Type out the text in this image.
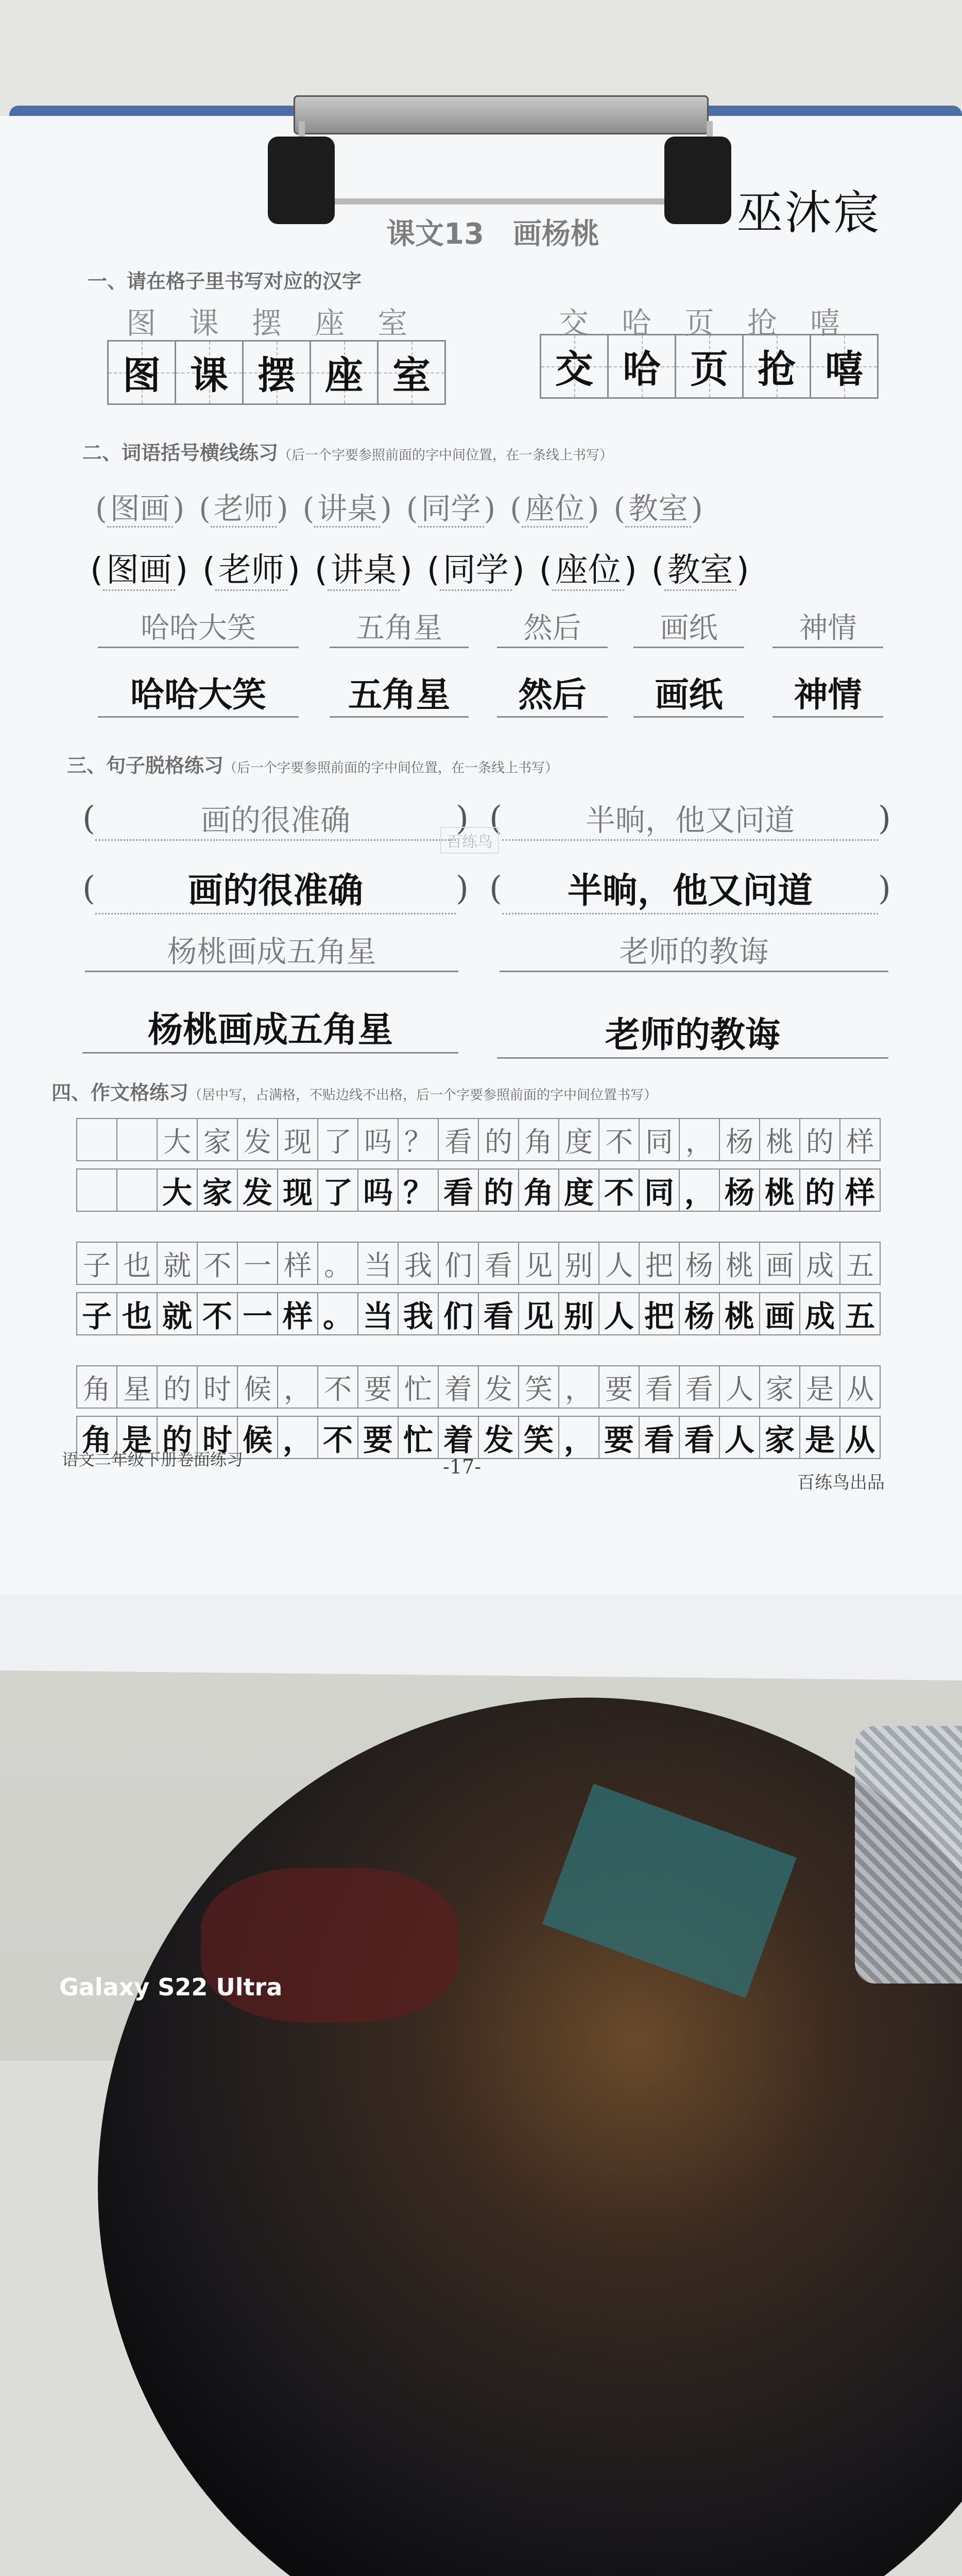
巫沐宸
课文13　画杨桃
一、请在格子里书写对应的汉字
图课摆座室	交哈页抢嘻
图 课 摆 座 室	交 哈 页 抢 嘻
二、词语括号横线练习（后一个字要参照前面的字中间位置，在一条线上书写）
( 图画 ) ( 老师 ) ( 讲桌 ) ( 同学 ) ( 座位 ) ( 教室 )
(图画) (老师) (讲桌) (同学) (座位) (教室)
哈哈大笑	五角星	然后	画纸	神情
哈哈大笑	五角星	然后	画纸	神情
三、句子脱格练习（后一个字要参照前面的字中间位置，在一条线上书写）
(	画的很准确	) (	半晌，他又问道	)
百练鸟
(	画的很准确	) (	半晌，他又问道	)
杨桃画成五角星	老师的教诲
杨桃画成五角星	老师的教诲
四、作文格练习（居中写，占满格，不贴边线不出格，后一个字要参照前面的字中间位置书写）
大 家 发 现 了 吗 ？ 看 的 角 度 不 同 ， 杨 桃 的 样
大 家 发 现 了 吗 ？ 看 的 角 度 不 同 ， 杨 桃 的 样
子 也 就 不 一 样 。 当 我 们 看 见 别 人 把 杨 桃 画 成 五
子 也 就 不 一 样 。 当 我 们 看 见 别 人 把 杨 桃 画 成 五
角 星 的 时 候 ， 不 要 忙 着 发 笑 ， 要 看 看 人 家 是 从
角 是 的 时 候 ， 不 要 忙 着 发 笑 ， 要 看 看 人 家 是 从
语文二年级下册卷面练习	-17-
百练鸟出品
Galaxy S22 Ultra
